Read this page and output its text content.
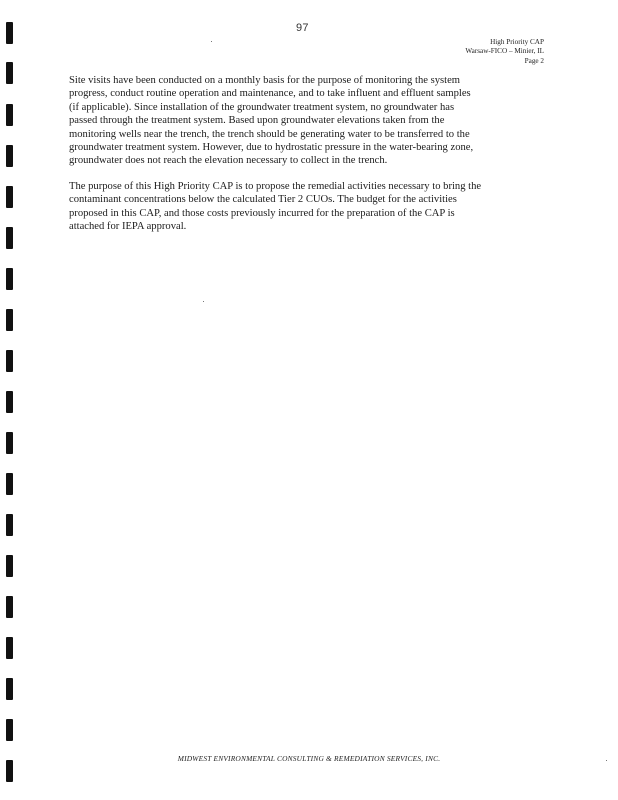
97
High Priority CAP
Warsaw-FICO – Minier, IL
Page 2

Site visits have been conducted on a monthly basis for the purpose of monitoring the system
progress, conduct routine operation and maintenance, and to take influent and effluent samples
(if applicable). Since installation of the groundwater treatment system, no groundwater has
passed through the treatment system. Based upon groundwater elevations taken from the
monitoring wells near the trench, the trench should be generating water to be transferred to the
groundwater treatment system. However, due to hydrostatic pressure in the water-bearing zone,
groundwater does not reach the elevation necessary to collect in the trench.

The purpose of this High Priority CAP is to propose the remedial activities necessary to bring the
contaminant concentrations below the calculated Tier 2 CUOs. The budget for the activities
proposed in this CAP, and those costs previously incurred for the preparation of the CAP is
attached for IEPA approval.

MIDWEST ENVIRONMENTAL CONSULTING & REMEDIATION SERVICES, INC.
